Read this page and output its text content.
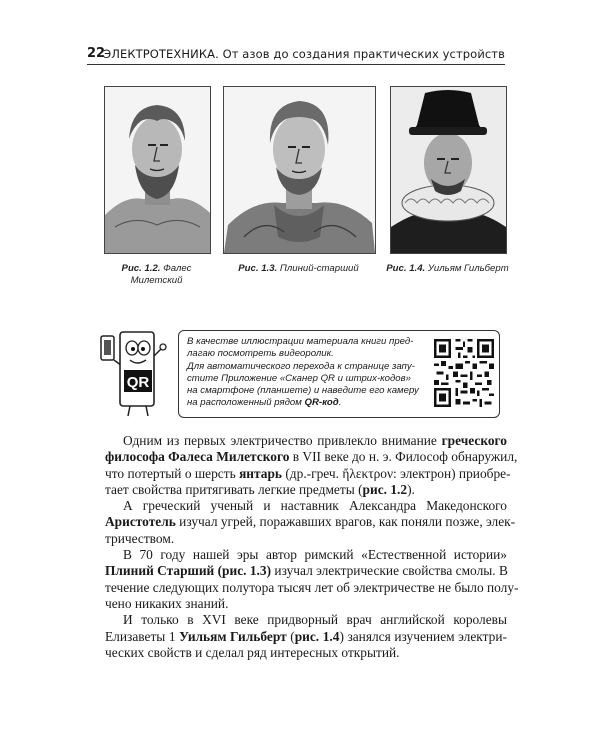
22
ЭЛЕКТРОТЕХНИКА. От азов до создания практических устройств
Рис. 1.2. Фалес
Милетский
Рис. 1.3. Плиний-старший	Рис. 1.4. Уильям Гильберт
QR
В качестве иллюстрации материала книги пред-
лагаю посмотреть видеоролик.
Для автоматического перехода к странице запу-
стите Приложение «Сканер QR и штрих-кодов»
на смартфоне (планшете) и наведите его камеру
на расположенный рядом QR-код.
Одним из первых электричество привлекло внимание греческого
философа Фалеса Милетского в VII веке до н. э. Философ обнаружил,
что потертый о шерсть янтарь (др.-греч. ἤλεκτρον: электрон) приобре-
тает свойства притягивать легкие предметы (рис. 1.2).
А греческий ученый и наставник Александра Македонского
Аристотель изучал угрей, поражавших врагов, как поняли позже, элек-
тричеством.
В 70 году нашей эры автор римский «Естественной истории»
Плиний Старший (рис. 1.3) изучал электрические свойства смолы. В
течение следующих полутора тысяч лет об электричестве не было полу-
чено никаких знаний.
И только в XVI веке придворный врач английской королевы
Елизаветы 1 Уильям Гильберт (рис. 1.4) занялся изучением электри-
ческих свойств и сделал ряд интересных открытий.
